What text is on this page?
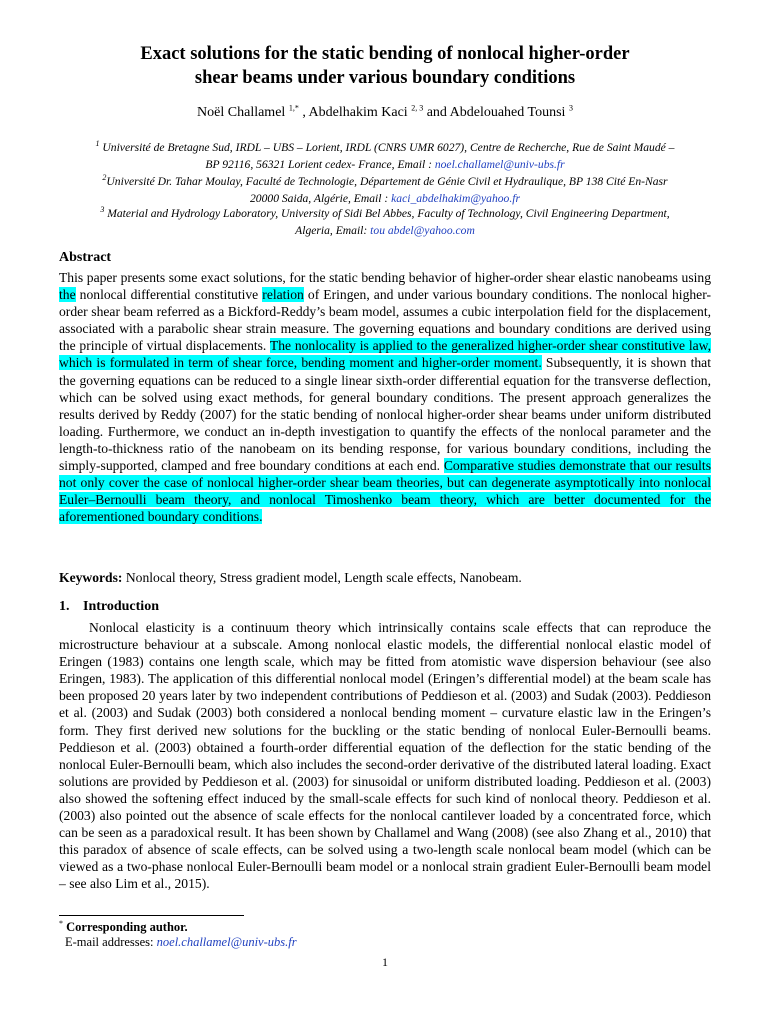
Exact solutions for the static bending of nonlocal higher-order
shear beams under various boundary conditions
Noël Challamel $^{1,*}$ , Abdelhakim Kaci $^{2, 3}$ and Abdelouahed Tounsi $^3$
$^1$ Université de Bretagne Sud, IRDL – UBS – Lorient, IRDL (CNRS UMR 6027), Centre de Recherche, Rue de Saint Maudé –
BP 92116, 56321 Lorient cedex- France, Email : noel.challamel@univ-ubs.fr
$^2$Université Dr. Tahar Moulay, Faculté de Technologie, Département de Génie Civil et Hydraulique, BP 138 Cité En-Nasr
20000 Saida, Algérie, Email : kaci_abdelhakim@yahoo.fr
$^3$ Material and Hydrology Laboratory, University of Sidi Bel Abbes, Faculty of Technology, Civil Engineering Department,
Algeria, Email: tou abdel@yahoo.com
Abstract
This paper presents some exact solutions, for the static bending behavior of higher-order shear elastic nanobeams using the nonlocal differential constitutive relation of Eringen, and under various boundary conditions. The nonlocal higher-order shear beam referred as a Bickford-Reddy’s beam model, assumes a cubic interpolation field for the displacement, associated with a parabolic shear strain measure. The governing equations and boundary conditions are derived using the principle of virtual displacements. The nonlocality is applied to the generalized higher-order shear constitutive law, which is formulated in term of shear force, bending moment and higher-order moment. Subsequently, it is shown that the governing equations can be reduced to a single linear sixth-order differential equation for the transverse deflection, which can be solved using exact methods, for general boundary conditions. The present approach generalizes the results derived by Reddy (2007) for the static bending of nonlocal higher-order shear beams under uniform distributed loading. Furthermore, we conduct an in-depth investigation to quantify the effects of the nonlocal parameter and the length-to-thickness ratio of the nanobeam on its bending response, for various boundary conditions, including the simply-supported, clamped and free boundary conditions at each end. Comparative studies demonstrate that our results not only cover the case of nonlocal higher-order shear beam theories, but can degenerate asymptotically into nonlocal Euler–Bernoulli beam theory, and nonlocal Timoshenko beam theory, which are better documented for the aforementioned boundary conditions.
Keywords: Nonlocal theory, Stress gradient model, Length scale effects, Nanobeam.
1. Introduction
Nonlocal elasticity is a continuum theory which intrinsically contains scale effects that can reproduce the microstructure behaviour at a subscale. Among nonlocal elastic models, the differential nonlocal elastic model of Eringen (1983) contains one length scale, which may be fitted from atomistic wave dispersion behaviour (see also Eringen, 1983). The application of this differential nonlocal model (Eringen’s differential model) at the beam scale has been proposed 20 years later by two independent contributions of Peddieson et al. (2003) and Sudak (2003). Peddieson et al. (2003) and Sudak (2003) both considered a nonlocal bending moment – curvature elastic law in the Eringen’s form. They first derived new solutions for the buckling or the static bending of nonlocal Euler-Bernoulli beams. Peddieson et al. (2003) obtained a fourth-order differential equation of the deflection for the static bending of the nonlocal Euler-Bernoulli beam, which also includes the second-order derivative of the distributed lateral loading. Exact solutions are provided by Peddieson et al. (2003) for sinusoidal or uniform distributed loading. Peddieson et al. (2003) also showed the softening effect induced by the small-scale effects for such kind of nonlocal theory. Peddieson et al. (2003) also pointed out the absence of scale effects for the nonlocal cantilever loaded by a concentrated force, which can be seen as a paradoxical result. It has been shown by Challamel and Wang (2008) (see also Zhang et al., 2010) that this paradox of absence of scale effects, can be solved using a two-length scale nonlocal beam model (which can be viewed as a two-phase nonlocal Euler-Bernoulli beam model or a nonlocal strain gradient Euler-Bernoulli beam model – see also Lim et al., 2015).
* Corresponding author.
E-mail addresses: noel.challamel@univ-ubs.fr
1
